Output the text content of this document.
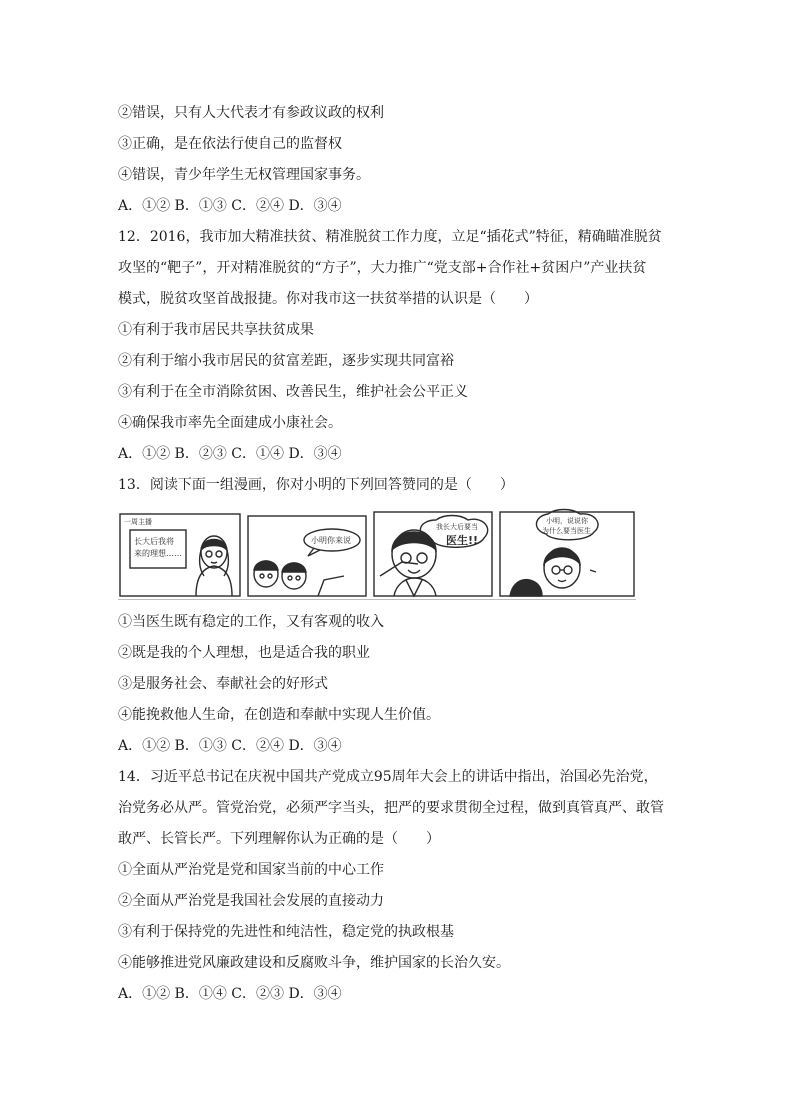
②错误，只有人大代表才有参政议政的权利
③正确，是在依法行使自己的监督权
④错误，青少年学生无权管理国家事务。
A．①② B．①③ C．②④ D．③④
12．2016，我市加大精准扶贫、精准脱贫工作力度，立足“插花式”特征，精确瞄准脱贫
攻坚的“靶子”，开对精准脱贫的“方子”，大力推广“党支部+合作社+贫困户”产业扶贫
模式，脱贫攻坚首战报捷。你对我市这一扶贫举措的认识是（　　）
①有利于我市居民共享扶贫成果
②有利于缩小我市居民的贫富差距，逐步实现共同富裕
③有利于在全市消除贫困、改善民生，维护社会公平正义
④确保我市率先全面建成小康社会。
A．①② B．②③ C．①④ D．③④
13．阅读下面一组漫画，你对小明的下列回答赞同的是（　　）
一周主播
长大后我将
来的理想……
小明你来说
我长大后要当
医生!!
小明，说说你
为什么要当医生
①当医生既有稳定的工作，又有客观的收入
②既是我的个人理想，也是适合我的职业
③是服务社会、奉献社会的好形式
④能挽救他人生命，在创造和奉献中实现人生价值。
A．①② B．①③ C．②④ D．③④
14．习近平总书记在庆祝中国共产党成立95周年大会上的讲话中指出，治国必先治党，
治党务必从严。管党治党，必须严字当头，把严的要求贯彻全过程，做到真管真严、敢管
敢严、长管长严。下列理解你认为正确的是（　　）
①全面从严治党是党和国家当前的中心工作
②全面从严治党是我国社会发展的直接动力
③有利于保持党的先进性和纯洁性，稳定党的执政根基
④能够推进党风廉政建设和反腐败斗争，维护国家的长治久安。
A．①② B．①④ C．②③ D．③④
